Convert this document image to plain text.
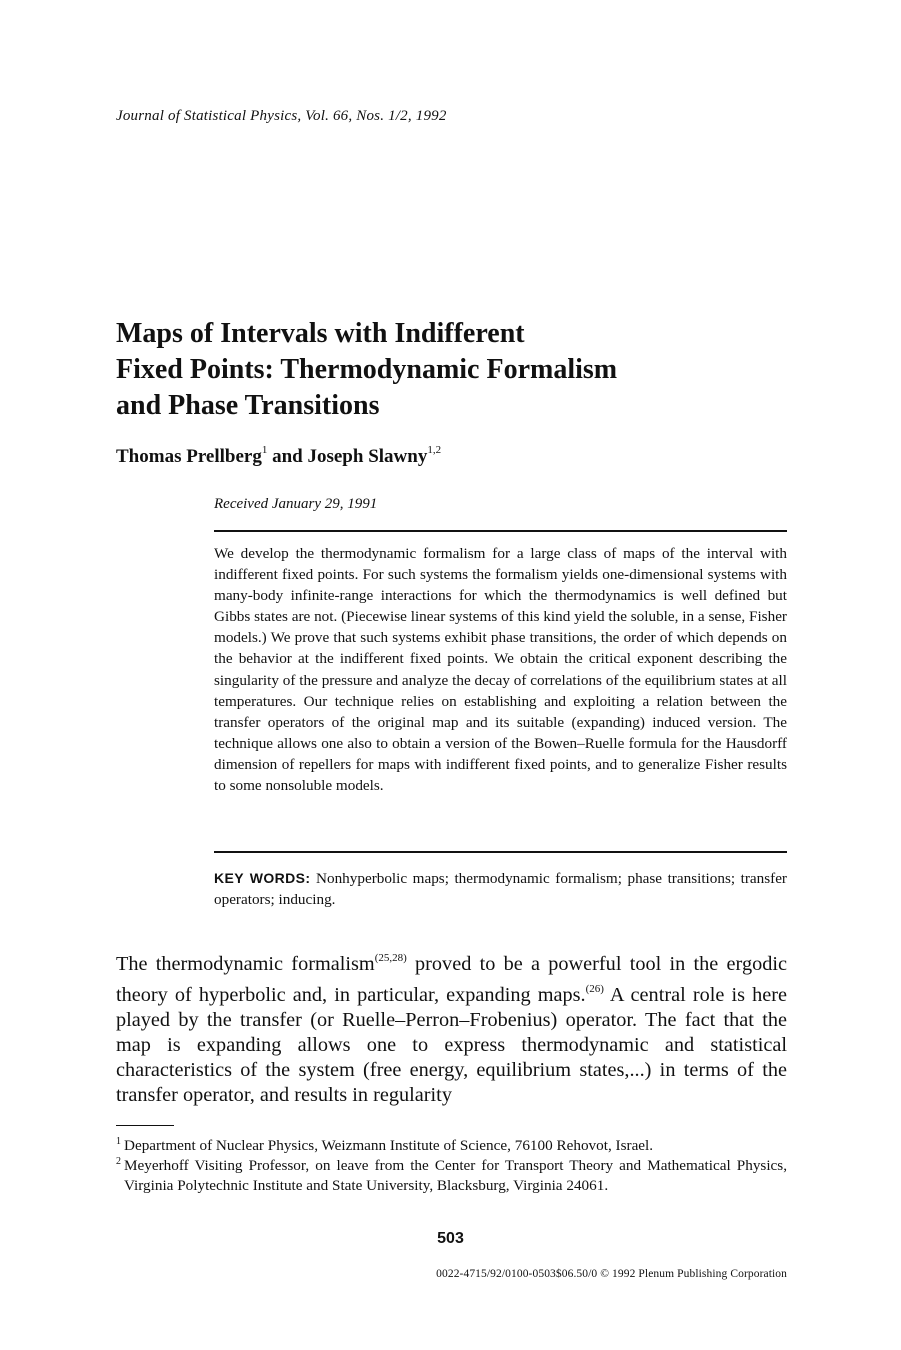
Journal of Statistical Physics, Vol. 66, Nos. 1/2, 1992
Maps of Intervals with Indifferent
Fixed Points: Thermodynamic Formalism
and Phase Transitions
Thomas Prellberg$^1$ and Joseph Slawny$^{1,2}$
Received January 29, 1991

We develop the thermodynamic formalism for a large class of maps of the interval with indifferent fixed points. For such systems the formalism yields one-dimensional systems with many-body infinite-range interactions for which the thermodynamics is well defined but Gibbs states are not. (Piecewise linear systems of this kind yield the soluble, in a sense, Fisher models.) We prove that such systems exhibit phase transitions, the order of which depends on the behavior at the indifferent fixed points. We obtain the critical exponent describing the singularity of the pressure and analyze the decay of correlations of the equilibrium states at all temperatures. Our technique relies on establishing and exploiting a relation between the transfer operators of the original map and its suitable (expanding) induced version. The technique allows one also to obtain a version of the Bowen–Ruelle formula for the Hausdorff dimension of repellers for maps with indifferent fixed points, and to generalize Fisher results to some nonsoluble models.

KEY WORDS: Nonhyperbolic maps; thermodynamic formalism; phase transitions; transfer operators; inducing.

The thermodynamic formalism$^{(25,28)}$ proved to be a powerful tool in the ergodic theory of hyperbolic and, in particular, expanding maps.$^{(26)}$ A central role is here played by the transfer (or Ruelle–Perron–Frobenius) operator. The fact that the map is expanding allows one to express thermodynamic and statistical characteristics of the system (free energy, equilibrium states,...) in terms of the transfer operator, and results in regularity

1 Department of Nuclear Physics, Weizmann Institute of Science, 76100 Rehovot, Israel.
2 Meyerhoff Visiting Professor, on leave from the Center for Transport Theory and Mathematical Physics, Virginia Polytechnic Institute and State University, Blacksburg, Virginia 24061.
503
0022-4715/92/0100-0503$06.50/0 © 1992 Plenum Publishing Corporation
